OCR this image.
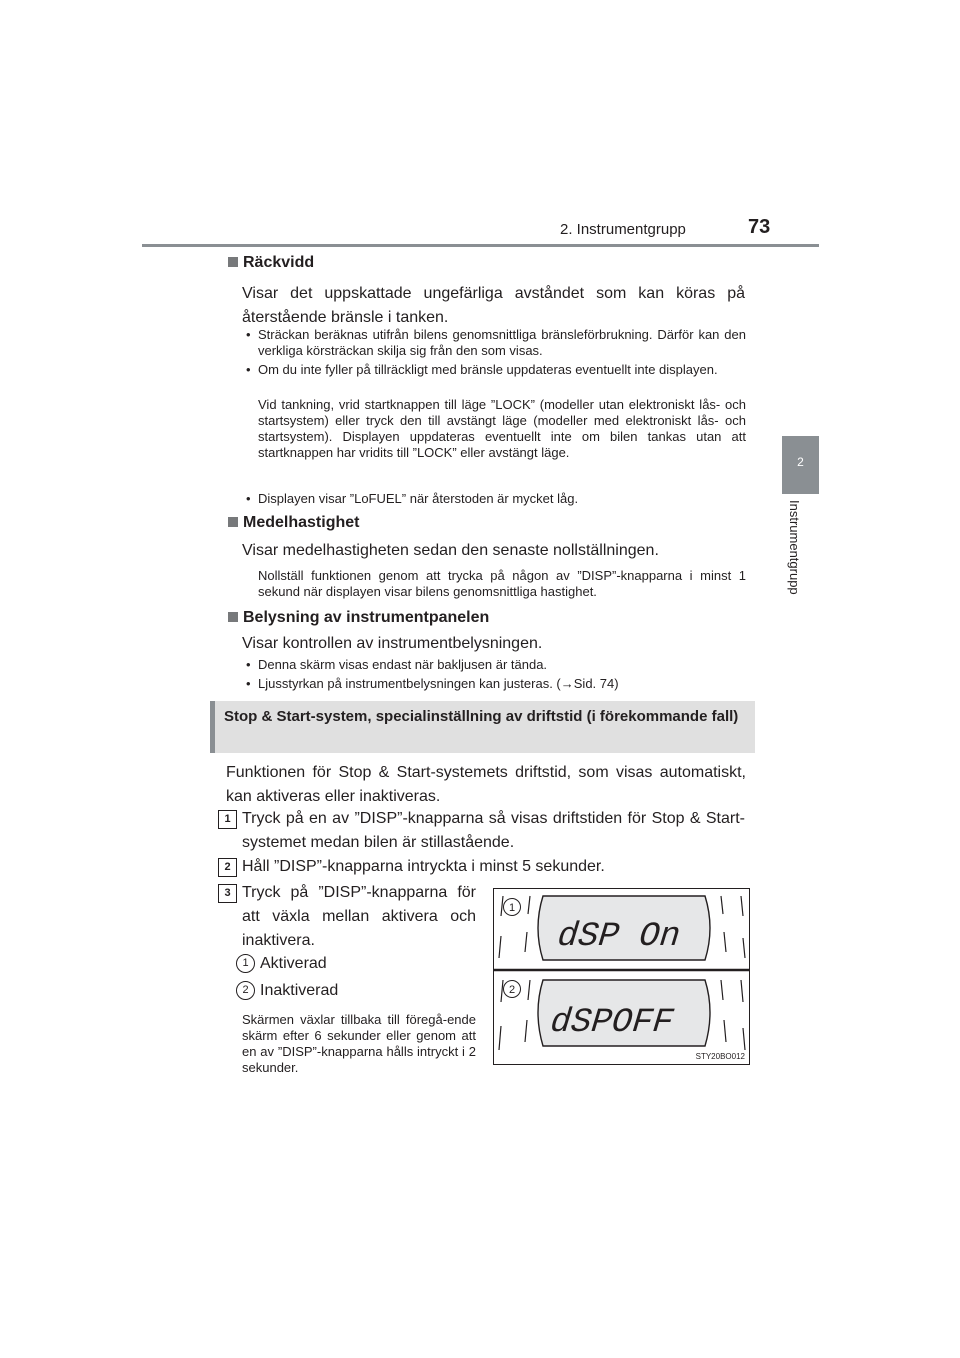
2. Instrumentgrupp	73
2
Instrumentgrupp
Räckvidd
Visar det uppskattade ungefärliga avståndet som kan köras på återstående bränsle i tanken.
• Sträckan beräknas utifrån bilens genomsnittliga bränsleförbrukning. Därför kan den verkliga körsträckan skilja sig från den som visas.
• Om du inte fyller på tillräckligt med bränsle uppdateras eventuellt inte displayen.
Vid tankning, vrid startknappen till läge ”LOCK” (modeller utan elektroniskt lås- och startsystem) eller tryck den till avstängt läge (modeller med elektroniskt lås- och startsystem). Displayen uppdateras eventuellt inte om bilen tankas utan att startknappen har vridits till ”LOCK” eller avstängt läge.
• Displayen visar ”LoFUEL” när återstoden är mycket låg.
Medelhastighet
Visar medelhastigheten sedan den senaste nollställningen.
Nollställ funktionen genom att trycka på någon av ”DISP”-knapparna i minst 1 sekund när displayen visar bilens genomsnittliga hastighet.
Belysning av instrumentpanelen
Visar kontrollen av instrumentbelysningen.
• Denna skärm visas endast när bakljusen är tända.
• Ljusstyrkan på instrumentbelysningen kan justeras. (→Sid. 74)
Stop & Start-system, specialinställning av driftstid (i förekommande fall)
Funktionen för Stop & Start-systemets driftstid, som visas automatiskt, kan aktiveras eller inaktiveras.
1 Tryck på en av ”DISP”-knapparna så visas driftstiden för Stop & Start-systemet medan bilen är stillastående.
2 Håll ”DISP”-knapparna intryckta i minst 5 sekunder.
3 Tryck på ”DISP”-knapparna för att växla mellan aktivera och inaktivera.
1 Aktiverad
2 Inaktiverad
Skärmen växlar tillbaka till föregå-ende skärm efter 6 sekunder eller genom att en av ”DISP”-knapparna hålls intryckt i 2 sekunder.
dSP On
dSPOFF
1
2
STY20BO012
